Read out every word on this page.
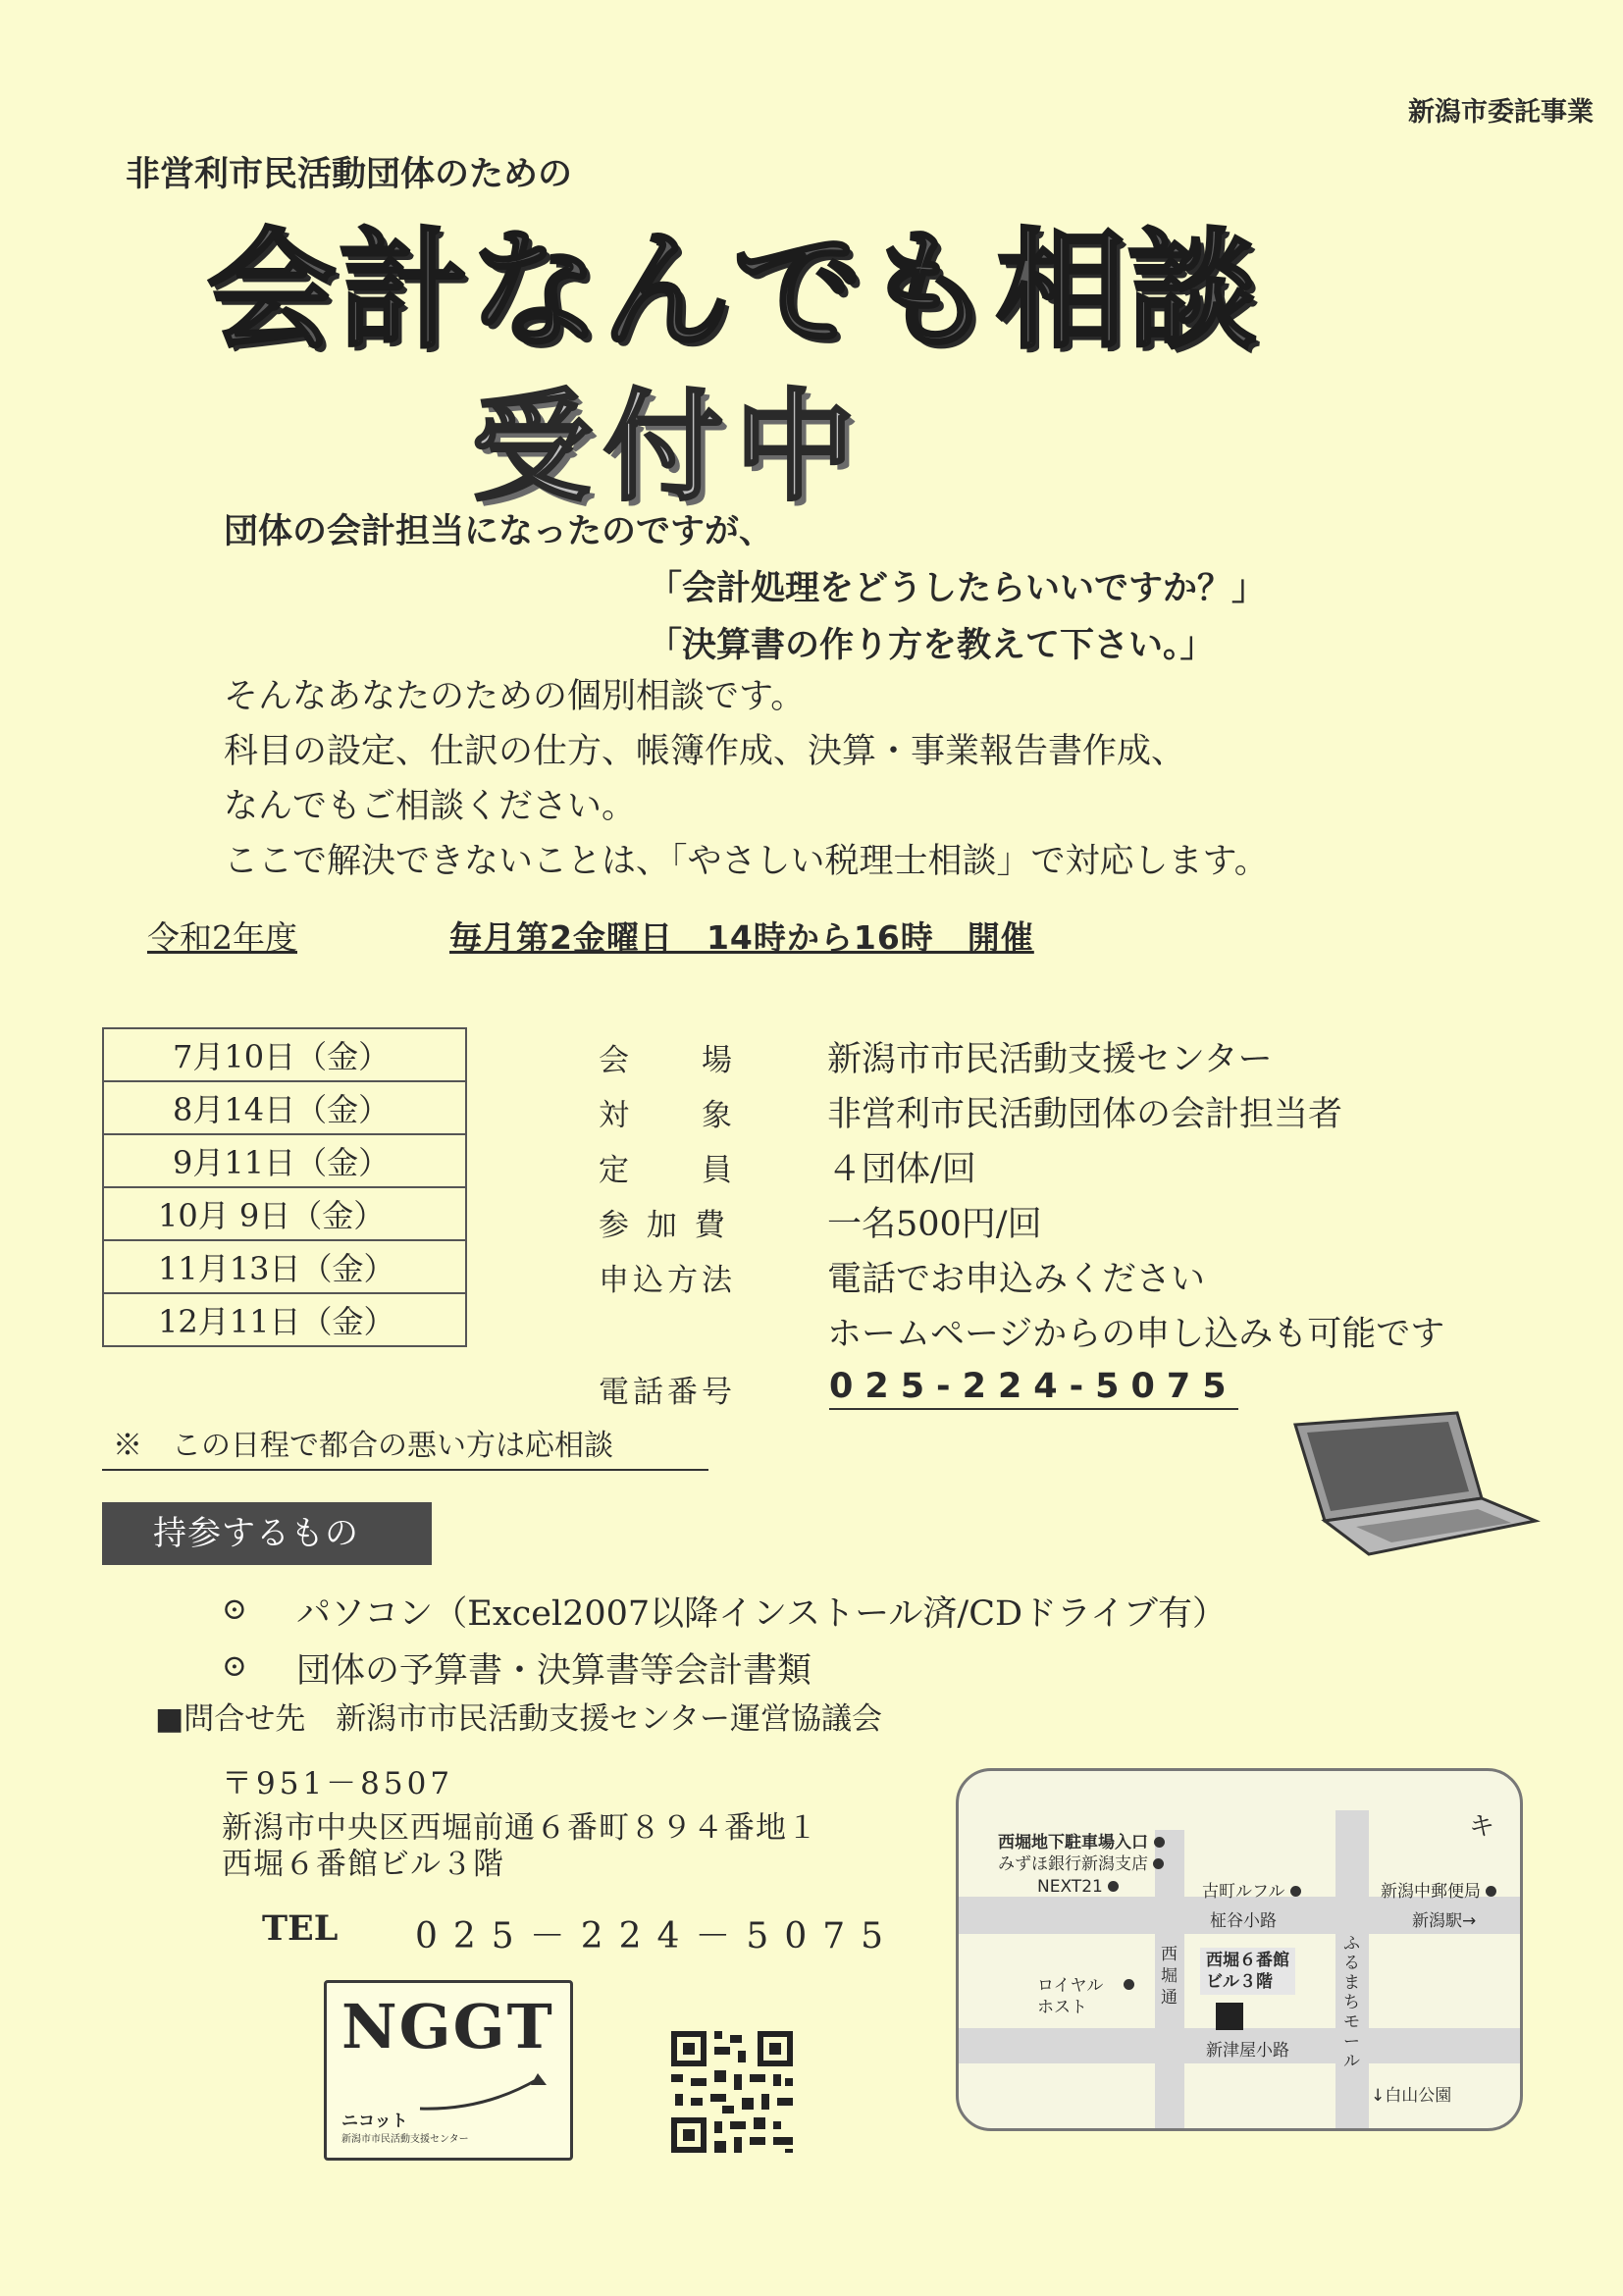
新潟市委託事業
非営利市民活動団体のための
会計なんでも相談
受付中
団体の会計担当になったのですが、
「会計処理をどうしたらいいですか？」
「決算書の作り方を教えて下さい。」
そんなあなたのための個別相談です。
科目の設定、仕訳の仕方、帳簿作成、決算・事業報告書作成、
なんでもご相談ください。
ここで解決できないことは、「やさしい税理士相談」で対応します。
令和2年度	毎月第2金曜日　14時から16時　開催
7月10日（金）
8月14日（金）
9月11日（金）
10月 9日（金）
11月13日（金）
12月11日（金）
会　　場	新潟市市民活動支援センター
対　　象	非営利市民活動団体の会計担当者
定　　員	４団体/回
参 加 費	一名500円/回
申込方法	電話でお申込みください
ホームページからの申し込みも可能です
電話番号	025-224-5075
※　この日程で都合の悪い方は応相談
持参するもの
⊙ パソコン（Excel2007以降インストール済/CDドライブ有）
⊙ 団体の予算書・決算書等会計書類
■問合せ先　新潟市市民活動支援センター運営協議会
〒951－8507
新潟市中央区西堀前通６番町８９４番地１
西堀６番館ビル３階
TEL 025－224－5075
NGGT
ニコット
新潟市市民活動支援センター
西堀地下駐車場入口
みずほ銀行新潟支店
NEXT21	古町ルフル	新潟中郵便局
柾谷小路	新潟駅→
西堀通
西堀６番館
ビル３階
ふるまちモール
ロイヤル
ホスト
新津屋小路
↓白山公園
キ
